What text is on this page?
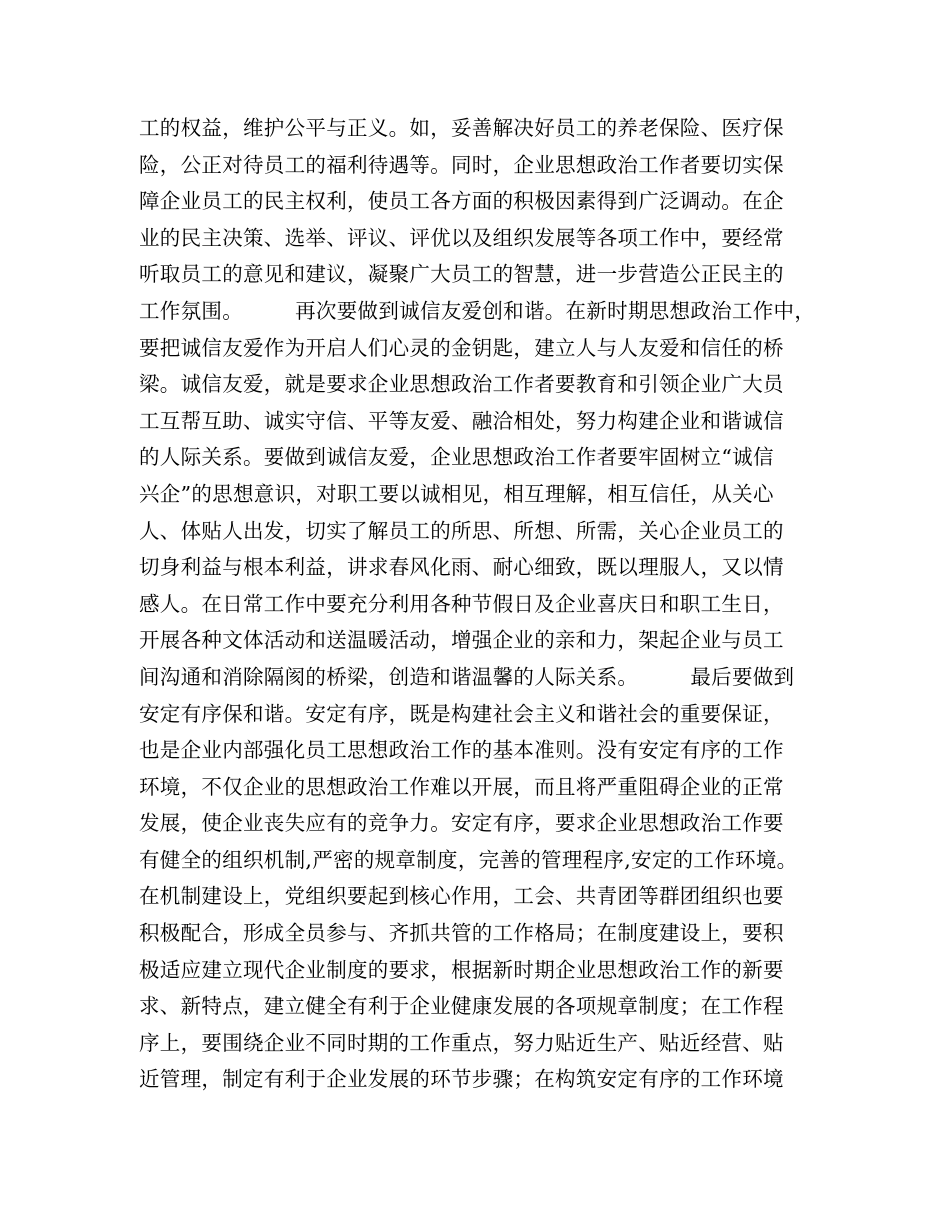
工的权益，维护公平与正义。如，妥善解决好员工的养老保险、医疗保

险，公正对待员工的福利待遇等。同时，企业思想政治工作者要切实保

障企业员工的民主权利，使员工各方面的积极因素得到广泛调动。在企

业的民主决策、选举、评议、评优以及组织发展等各项工作中，要经常

听取员工的意见和建议，凝聚广大员工的智慧，进一步营造公正民主的

工作氛围。　　　再次要做到诚信友爱创和谐。在新时期思想政治工作中，

要把诚信友爱作为开启人们心灵的金钥匙，建立人与人友爱和信任的桥

梁。诚信友爱，就是要求企业思想政治工作者要教育和引领企业广大员

工互帮互助、诚实守信、平等友爱、融洽相处，努力构建企业和谐诚信

的人际关系。要做到诚信友爱，企业思想政治工作者要牢固树立“诚信

兴企”的思想意识，对职工要以诚相见，相互理解，相互信任，从关心

人、体贴人出发，切实了解员工的所思、所想、所需，关心企业员工的

切身利益与根本利益，讲求春风化雨、耐心细致，既以理服人，又以情

感人。在日常工作中要充分利用各种节假日及企业喜庆日和职工生日，

开展各种文体活动和送温暖活动，增强企业的亲和力，架起企业与员工

间沟通和消除隔阂的桥梁，创造和谐温馨的人际关系。　　　最后要做到

安定有序保和谐。安定有序，既是构建社会主义和谐社会的重要保证，

也是企业内部强化员工思想政治工作的基本准则。没有安定有序的工作

环境，不仅企业的思想政治工作难以开展，而且将严重阻碍企业的正常

发展，使企业丧失应有的竞争力。安定有序，要求企业思想政治工作要

有健全的组织机制,严密的规章制度，完善的管理程序,安定的工作环境。

在机制建设上，党组织要起到核心作用，工会、共青团等群团组织也要

积极配合，形成全员参与、齐抓共管的工作格局；在制度建设上，要积

极适应建立现代企业制度的要求，根据新时期企业思想政治工作的新要

求、新特点，建立健全有利于企业健康发展的各项规章制度；在工作程

序上，要围绕企业不同时期的工作重点，努力贴近生产、贴近经营、贴

近管理，制定有利于企业发展的环节步骤；在构筑安定有序的工作环境
